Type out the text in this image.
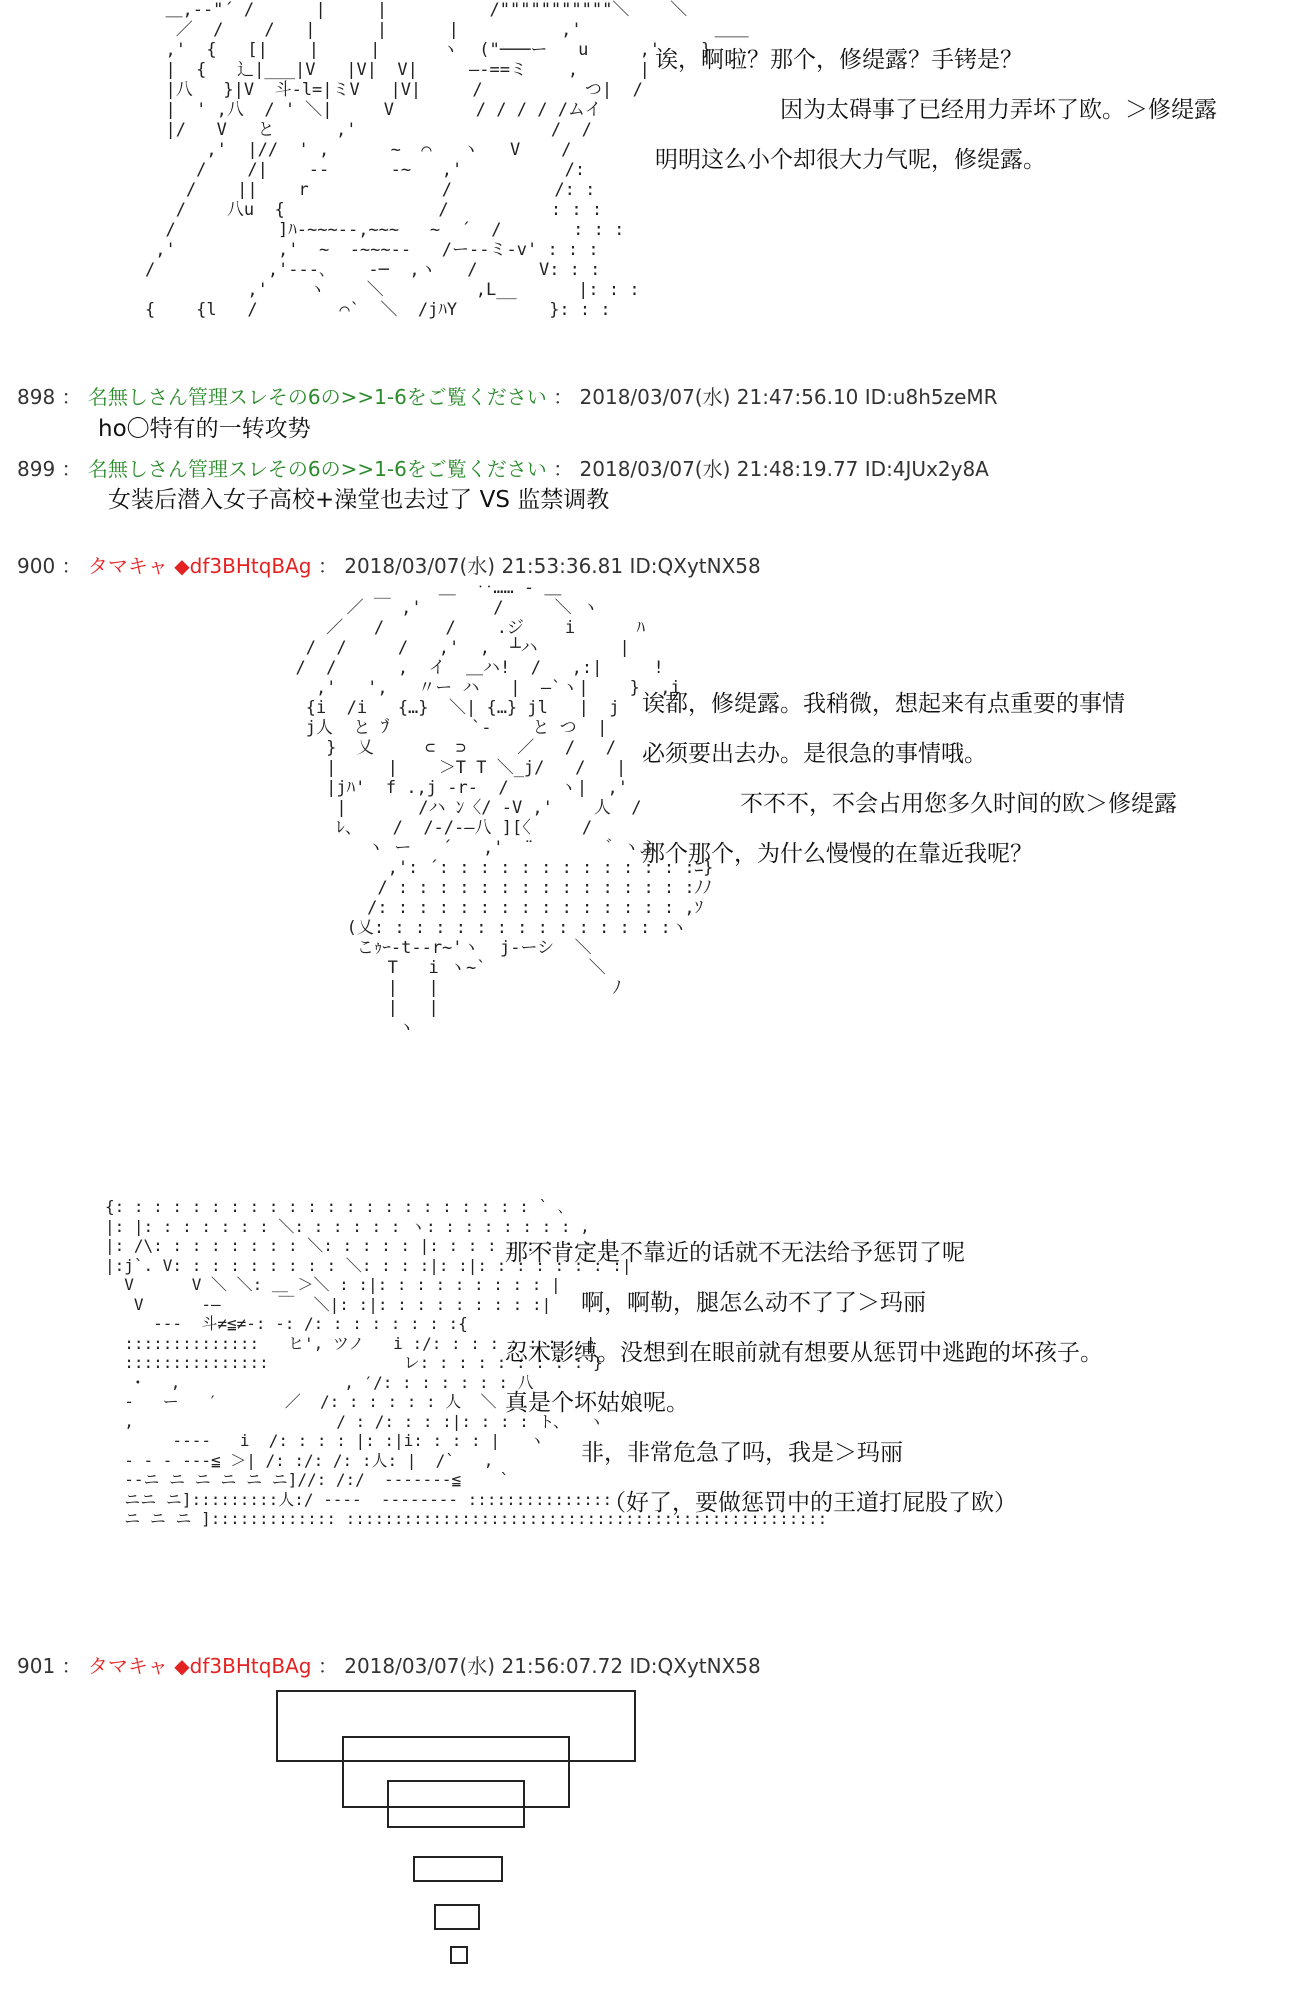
＿,-‐"´ /      |     |          /"""""""""""＼    ＼
／  /    /   |      |      |          ,'             ＿＿
,'  {   [|    |     |      ヽ  ("───ー   u     ,'    }
|  {   辶|___|V   |V|  V|     ―‐==ミ    ,      |
|八   }|V  斗‐l=|ミV   |V|     /          つ|  /
|  ' ,八  / ' ＼|     V        / / / / /ムイ
|/   V   と      ,'                   /  /
,'  |//  ' ,      ~  ⌒   ヽ   V    /
/    /|    -‐      ‐~   ,'          /:
/    ||    r             /          /: :
/    八u  {               /          : : :
/          ]ﾊ‐~~~‐‐,~~~   ~  ´  /       : : :
,'          ,'  ~  ‐~~~‐‐   /ー‐‐ミ‐v' : : :
/           ,'‐‐‐､    ‐─  ,ヽ   /      V: : :
,'    ヽ    ＼         ,L__      |: : :
{    {l   /        ⌒`  ＼  /jﾊY         }: : :
诶，啊啦？那个，修缇露？手铐是？
因为太碍事了已经用力弄坏了欧。＞修缇露
明明这么小个却很大力气呢，修缇露。
898 ： 名無しさん管理スレその6の>>1-6をご覧ください ： 2018/03/07(水) 21:47:56.10 ID:u8h5zeMR
ho〇特有的一转攻势
899 ： 名無しさん管理スレその6の>>1-6をご覧ください ： 2018/03/07(水) 21:48:19.77 ID:4JUx2y8A
女装后潜入女子高校+澡堂也去过了 VS 监禁调教
900 ： タマキャ ◆df3BHtqBAg ： 2018/03/07(水) 21:53:36.81 ID:QXytNX58
＿  ‥…… ‐ ＿
／ ￣ ,'       /     ＼ ヽ
／   /      /    .ジ    i      ﾊ
/  /     /   ,'  ,  ┴ハ        |
/  /      ,  イ  ＿ハ!  /   ,:|     !
,'   ',   〃ー ハ   |  ―`ヽ|    }  ,i
{i  /i   {…}  ＼| {…} jl   |  j
j人  と ﾌ゙        `‐    と つ  |
}  乂     ⊂  ⊃     ／   /   /
|     |    ＞T T ＼_j/   /   |
|jﾊ'  f .,j ‐r‐  /     ヽ|  ,'
|       /ハ ﾝ〈/ ‐V ,'    人  /
ﾚ、   /  /‐/‐―八 ][〈     /
ヽ ー   ´   ,'  ¨       ゛ヽふ
,': ´: : : : : : : : : : : : :ﾆ}
/ : : : : : : : : : : : : : : :ﾉﾉ
/: : : : : : : : : : : : : : : ,ｿ
(乂: : : : : : : : : : : : : : :ヽ
こｩｰ‐t‐‐r~'ヽ  j‐ーシ  ＼
T   i ヽ~`          ＼
|   |                 ﾉ
|   |
ヽ
诶都，修缇露。我稍微，想起来有点重要的事情
必须要出去办。是很急的事情哦。
不不不，不会占用您多久时间的欧＞修缇露
那个那个，为什么慢慢的在靠近我呢？
{: : : : : : : : : : : : : : : : : : : : : : ` ､
|: |: : : : : : : ＼: : : : : : ヽ: : : : : : : : ,
|: /\: : : : : : : : ＼: : : : : |: : : : : : : : : |
|:j`. V: : : : : : : : : ＼: : : :|: :|: : : : : : : :|
V      V ＼ ＼: ＿ ＞＼ : :|: : : : : : : : : |
V      ‐―      ￣  ＼|: :|: : : : : : : : :|
‐‐‐  斗≠≦≠‐: ‐: /: : : : : : : :{
::::::::::::::   ヒ', ツノ   i :/: : : : : : : : |
:::::::::::::::              レ: : : : : : : : : }
･   ,                 , ′/: : : : : : : 八
‐   ー   ′       ／  /: : : : : : 人  ＼
,                     / : /: : : :|: : : : ト、  ヽ
‐‐‐‐   i  /: : : : |: :|i: : : : |   ヽ
‐ ‐ ‐ ‐‐‐≦ ＞| /: :/: /: :人: |  /`   ,
‐‐ニ ニ ニ ニ ニ ニ]//: /:/  ‐‐‐‐‐‐‐≦    `
ニニ ニ]:::::::::人:/ ‐‐‐‐  ‐‐‐‐‐‐‐‐ :::::::::::::::
ニ ニ ニ ]::::::::::::: ::::::::::::::::::::::::::::::::::::::::::::::::::
那不肯定是不靠近的话就不无法给予惩罚了呢
啊，啊勒，腿怎么动不了了＞玛丽
忍术影缚。没想到在眼前就有想要从惩罚中逃跑的坏孩子。
真是个坏姑娘呢。
非，非常危急了吗，我是＞玛丽
（好了，要做惩罚中的王道打屁股了欧）
901 ： タマキャ ◆df3BHtqBAg ： 2018/03/07(水) 21:56:07.72 ID:QXytNX58
